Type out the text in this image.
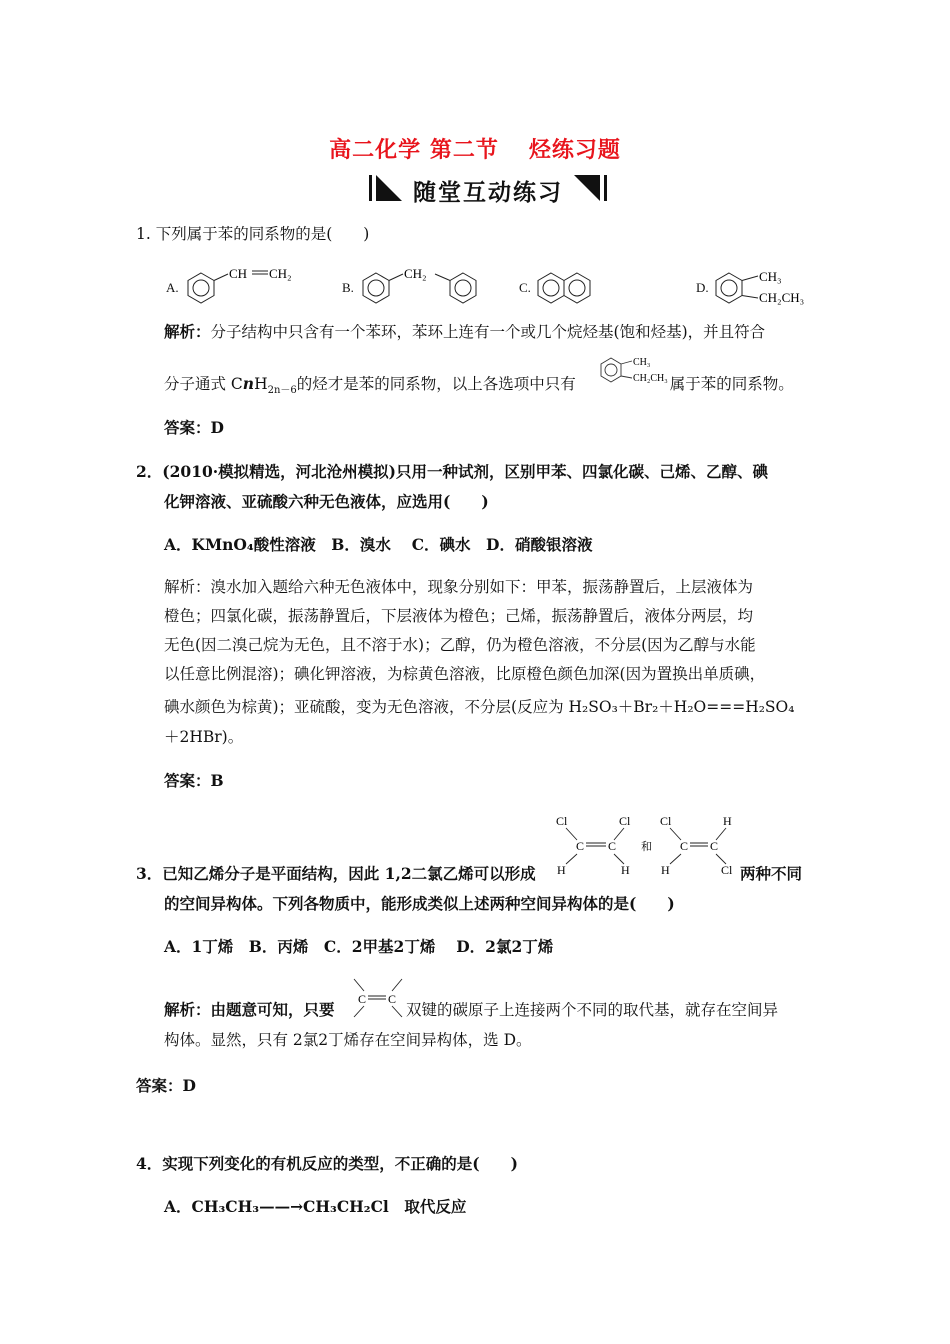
高二化学 第二节 烃练习题
随堂互动练习
1. 下列属于苯的同系物的是(　　)
A.
CH CH₂
B.
CH₂
C.	D.
CH₃
CH₂CH₃
解析：分子结构中只含有一个苯环，苯环上连有一个或几个烷烃基(饱和烃基)，并且符合
分子通式 CnH$_{2n-6}$的烃才是苯的同系物，以上各选项中只有	属于苯的同系物。
CH₃
CH₂CH₃
答案：D
2．(2010·模拟精选，河北沧州模拟)只用一种试剂，区别甲苯、四氯化碳、己烯、乙醇、碘
化钾溶液、亚硫酸六种无色液体，应选用(　　)
A．KMnO₄酸性溶液　B．溴水　 C．碘水　D．硝酸银溶液
解析：溴水加入题给六种无色液体中，现象分别如下：甲苯，振荡静置后，上层液体为
橙色；四氯化碳，振荡静置后，下层液体为橙色；己烯，振荡静置后，液体分两层，均
无色(因二溴己烷为无色，且不溶于水)；乙醇，仍为橙色溶液，不分层(因为乙醇与水能
以任意比例混溶)；碘化钾溶液，为棕黄色溶液，比原橙色颜色加深(因为置换出单质碘，
碘水颜色为棕黄)；亚硫酸，变为无色溶液，不分层(反应为 H₂SO₃＋Br₂＋H₂O===H₂SO₄
＋2HBr)。
答案：B
Cl	Cl
C C
H	H
和
Cl	H
C C
H	Cl
3．已知乙烯分子是平面结构，因此 1,2二氯乙烯可以形成	两种不同
的空间异构体。下列各物质中，能形成类似上述两种空间异构体的是(　　)
A．1丁烯　B．丙烯　C．2甲基2丁烯　 D．2氯2丁烯
C C
解析：由题意可知，只要	双键的碳原子上连接两个不同的取代基，就存在空间异
构体。显然，只有 2氯2丁烯存在空间异构体，选 D。
答案：D
4．实现下列变化的有机反应的类型，不正确的是(　　)
A．CH₃CH₃——→CH₃CH₂Cl　取代反应
